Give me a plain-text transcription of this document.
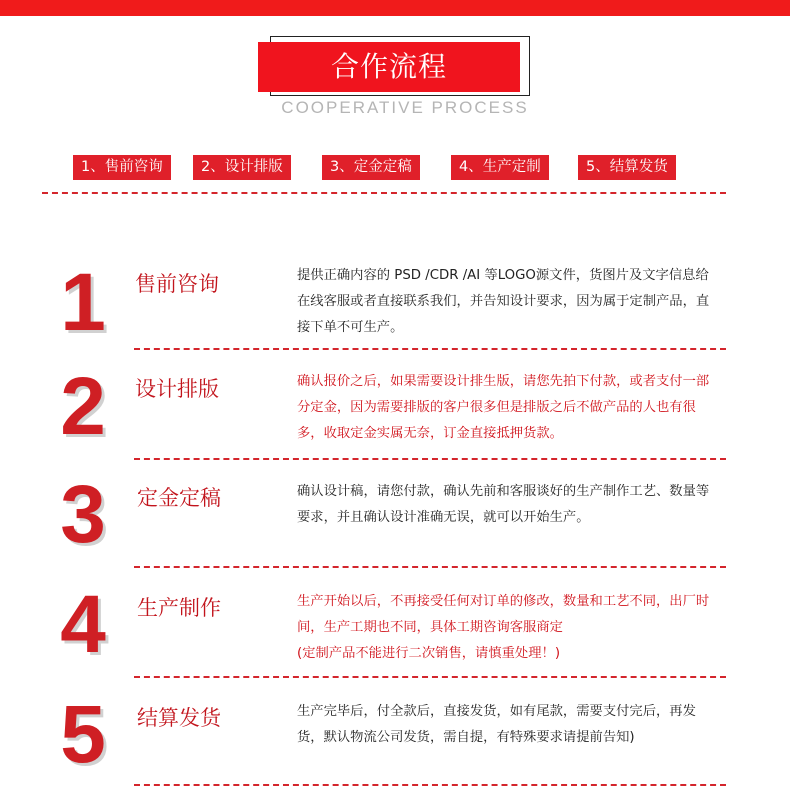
合作流程
COOPERATIVE PROCESS
1、售前咨询	2、设计排版	3、定金定稿	4、生产定制	5、结算发货
1	售前咨询	提供正确内容的 PSD /CDR /AI 等LOGO源文件，货图片及文字信息给在线客服或者直接联系我们，并告知设计要求，因为属于定制产品，直接下单不可生产。
2	设计排版	确认报价之后，如果需要设计排生版，请您先拍下付款，或者支付一部分定金，因为需要排版的客户很多但是排版之后不做产品的人也有很多，收取定金实属无奈，订金直接抵押货款。
3	定金定稿	确认设计稿，请您付款，确认先前和客服谈好的生产制作工艺、数量等要求，并且确认设计准确无误，就可以开始生产。
4	生产制作	生产开始以后，不再接受任何对订单的修改，数量和工艺不同，出厂时间，生产工期也不同，具体工期咨询客服商定
(定制产品不能进行二次销售，请慎重处理！)
5	结算发货	生产完毕后，付全款后，直接发货，如有尾款，需要支付完后，再发货，默认物流公司发货，需自提，有特殊要求请提前告知)
